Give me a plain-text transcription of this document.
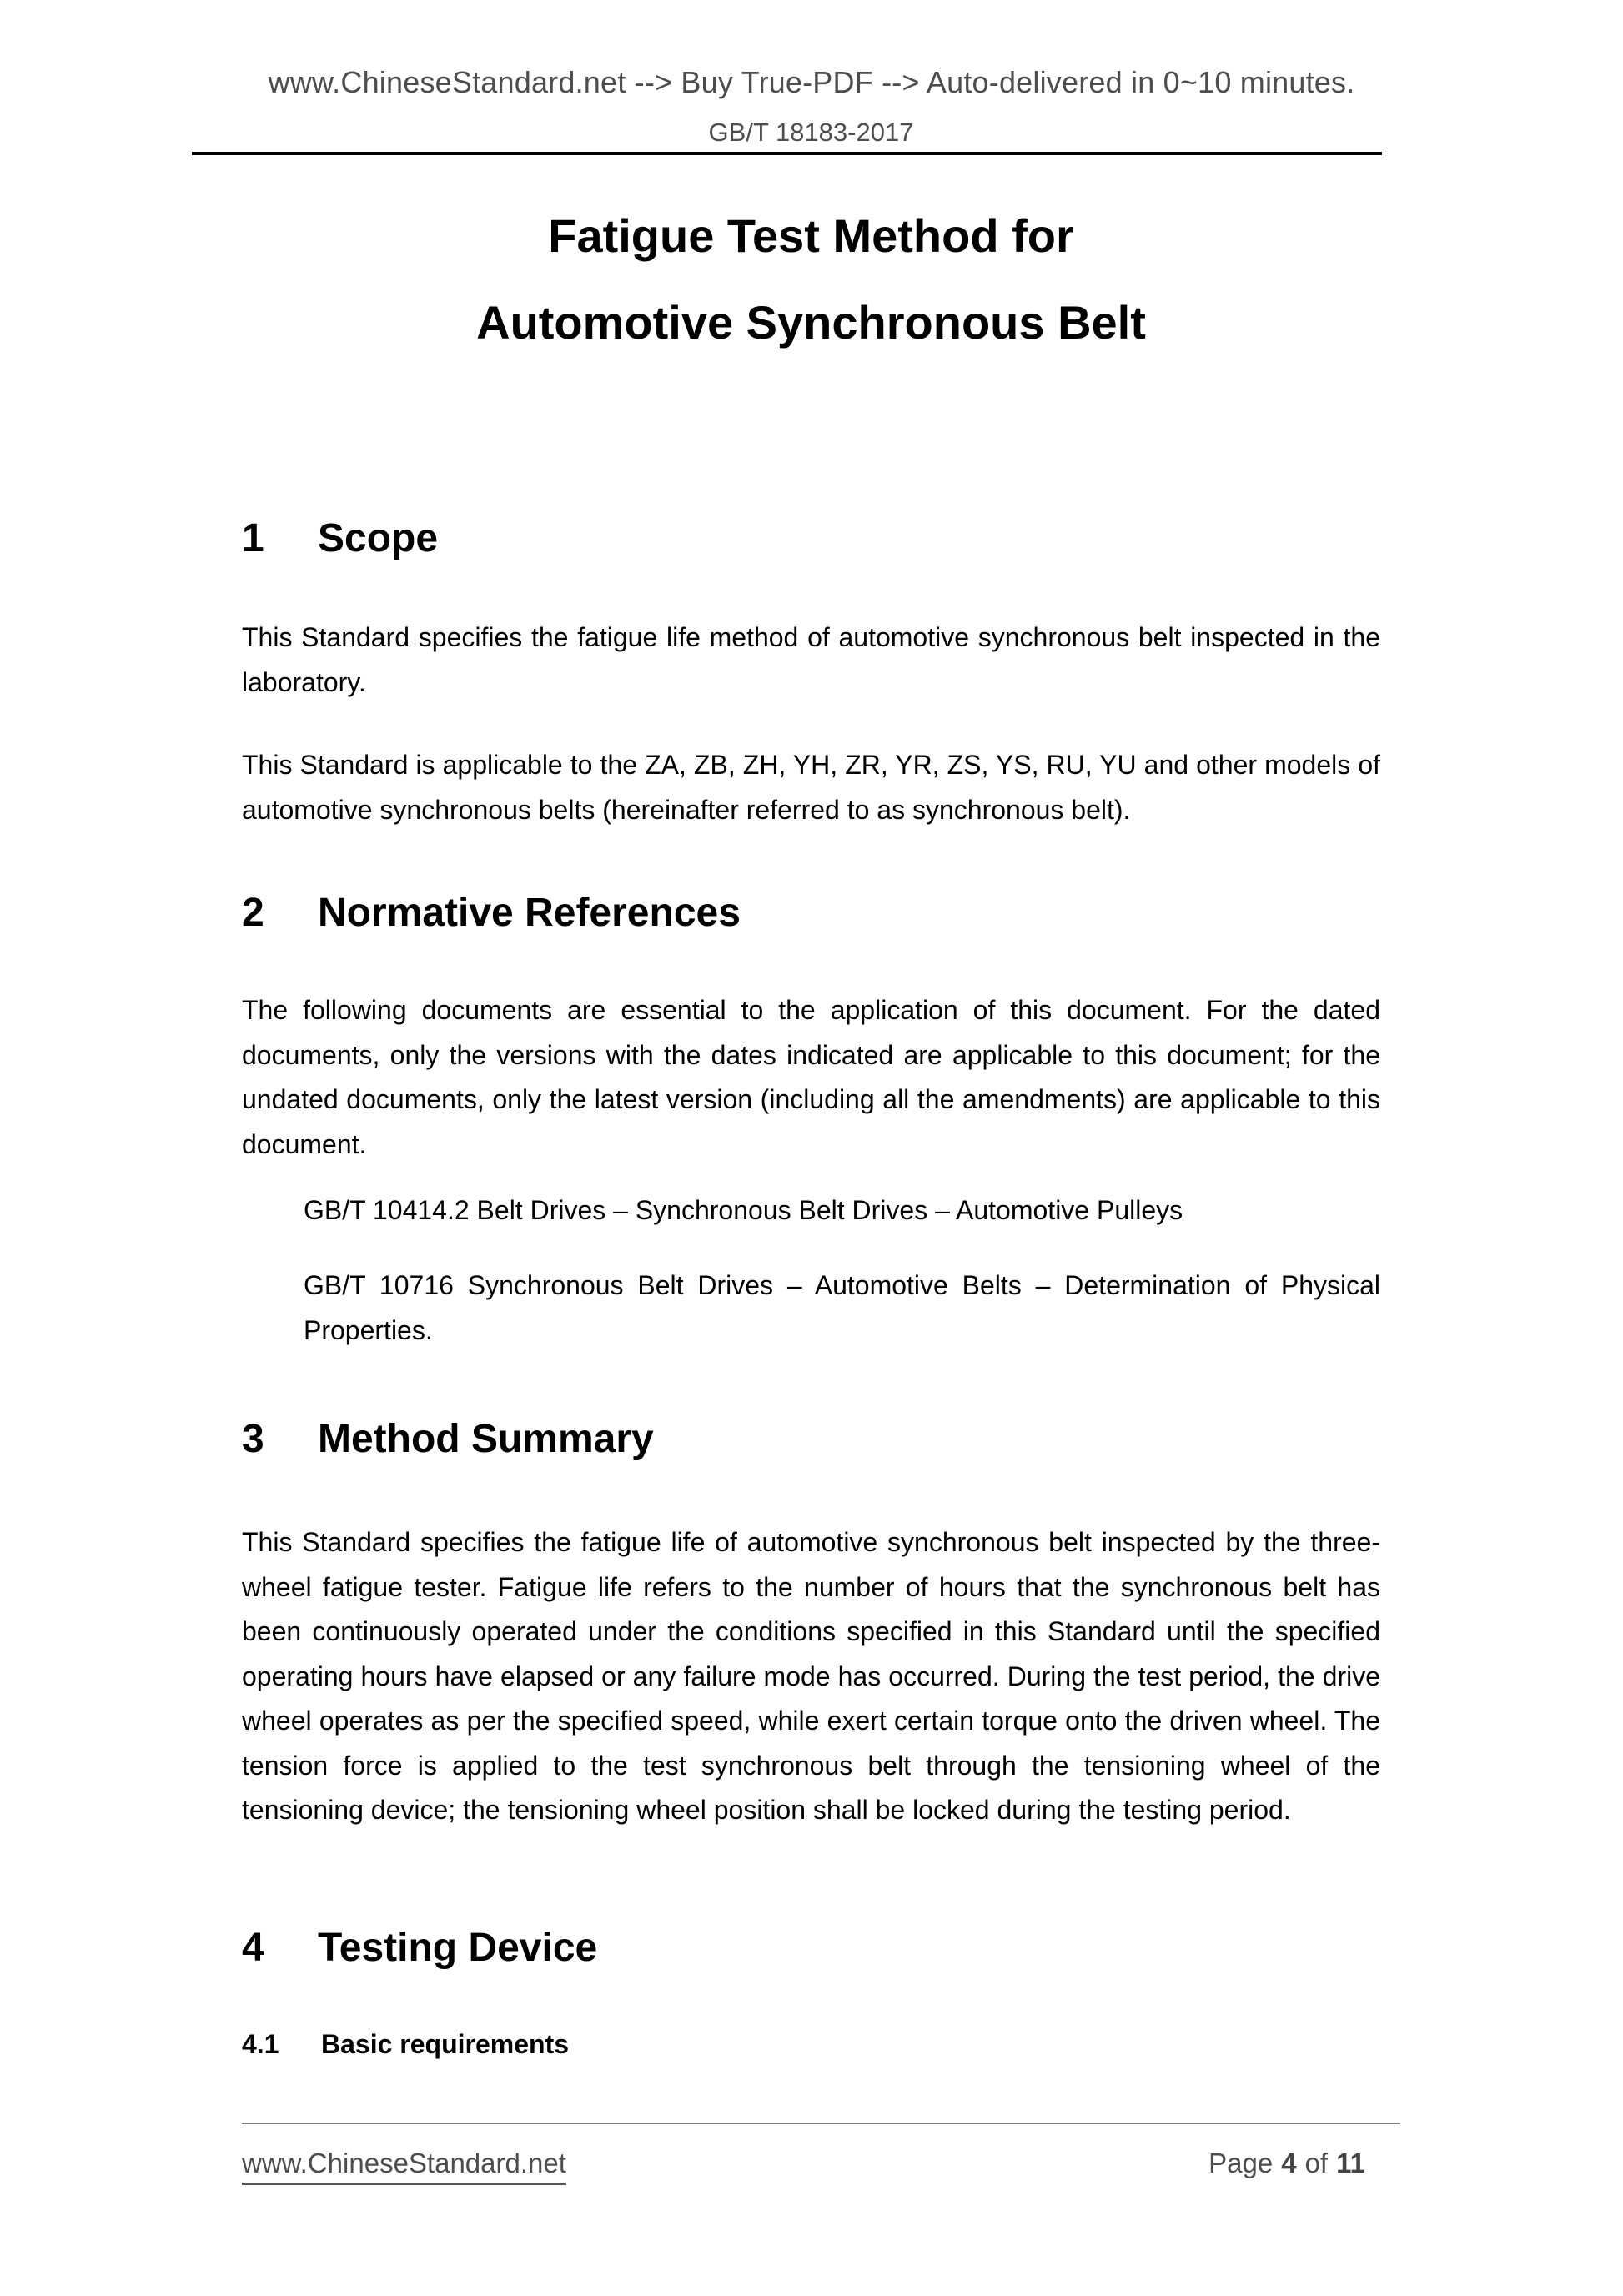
www.ChineseStandard.net --> Buy True-PDF --> Auto-delivered in 0~10 minutes.
GB/T 18183-2017
Fatigue Test Method for
Automotive Synchronous Belt
1 Scope

This Standard specifies the fatigue life method of automotive synchronous belt inspected in the laboratory.

This Standard is applicable to the ZA, ZB, ZH, YH, ZR, YR, ZS, YS, RU, YU and other models of automotive synchronous belts (hereinafter referred to as synchronous belt).

2 Normative References

The following documents are essential to the application of this document. For the dated documents, only the versions with the dates indicated are applicable to this document; for the undated documents, only the latest version (including all the amendments) are applicable to this document.

GB/T 10414.2 Belt Drives – Synchronous Belt Drives – Automotive Pulleys

GB/T 10716 Synchronous Belt Drives – Automotive Belts – Determination of Physical Properties.

3 Method Summary

This Standard specifies the fatigue life of automotive synchronous belt inspected by the three-wheel fatigue tester. Fatigue life refers to the number of hours that the synchronous belt has been continuously operated under the conditions specified in this Standard until the specified operating hours have elapsed or any failure mode has occurred. During the test period, the drive wheel operates as per the specified speed, while exert certain torque onto the driven wheel. The tension force is applied to the test synchronous belt through the tensioning wheel of the tensioning device; the tensioning wheel position shall be locked during the testing period.

4 Testing Device
4.1 Basic requirements
www.ChineseStandard.net	Page 4 of 11
